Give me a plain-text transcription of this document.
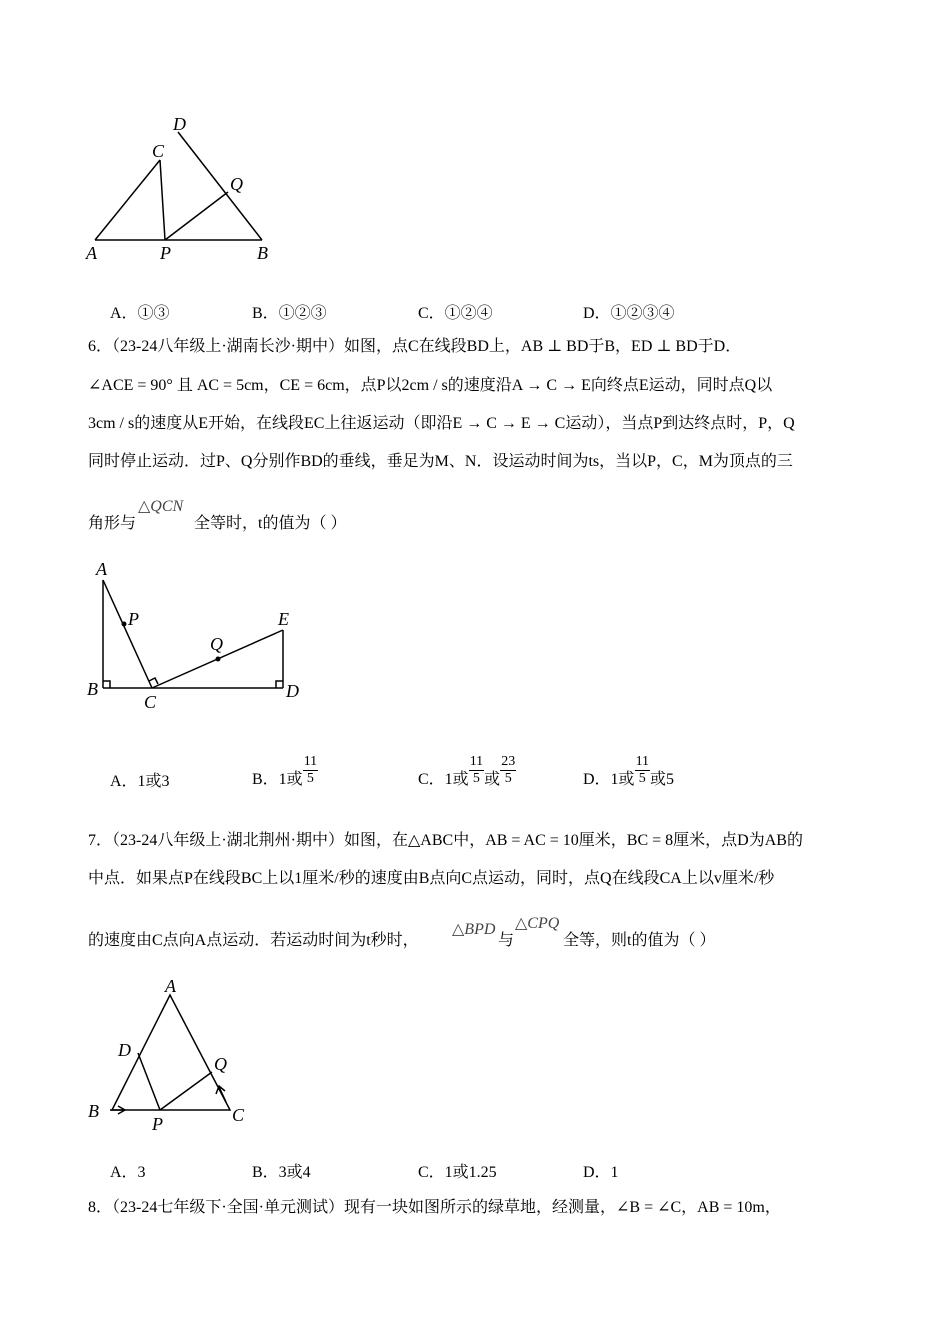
A	P	B
C
D
Q
A
P
Q
E
B
C
D
A
D
Q
B
P	C
A．①③	B．①②③	C．①②④	D．①②③④
6．（23-24八年级上·湖南长沙·期中）如图，点C在线段BD上，AB ⊥ BD于B，ED ⊥ BD于D．
∠ACE = 90° 且 AC = 5cm，CE = 6cm，点P以2cm / s的速度沿A → C → E向终点E运动，同时点Q以
3cm / s的速度从E开始，在线段EC上往返运动（即沿E → C → E → C运动），当点P到达终点时，P，Q
同时停止运动．过P、Q分别作BD的垂线，垂足为M、N．设运动时间为ts，当以P，C，M为顶点的三
角形与
△QCN
全等时，t的值为（ ）
A．1或3	B．1或 $\frac{11}{5}$	C．1或 $\frac{11}{5}$ 或 $\frac{23}{5}$	D．1或 $\frac{11}{5}$ 或5
7．（23-24八年级上·湖北荆州·期中）如图，在△ABC中，AB = AC = 10厘米，BC = 8厘米，点D为AB的
中点．如果点P在线段BC上以1厘米/秒的速度由B点向C点运动，同时，点Q在线段CA上以v厘米/秒
的速度由C点向A点运动．若运动时间为t秒时，
△BPD
与
△CPQ
全等，则t的值为（ ）
A．3	B．3或4	C．1或1.25	D．1
8．（23-24七年级下·全国·单元测试）现有一块如图所示的绿草地，经测量，∠B = ∠C，AB = 10m，
